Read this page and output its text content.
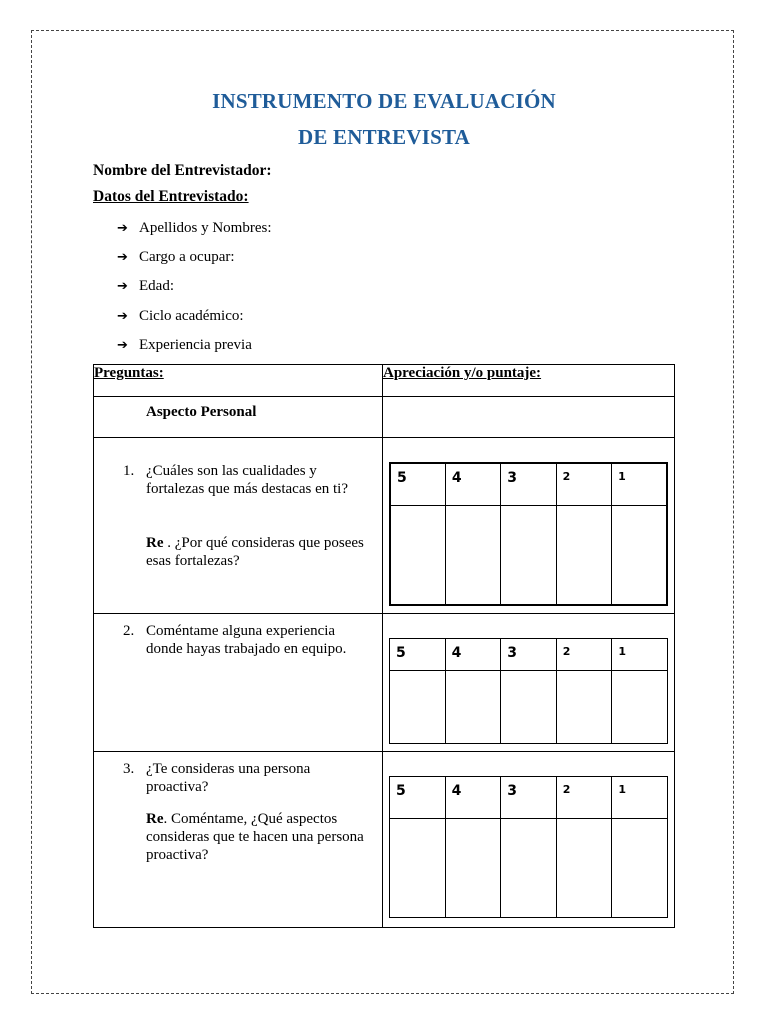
INSTRUMENTO DE EVALUACIÓN
DE ENTREVISTA
Nombre del Entrevistador:
Datos del Entrevistado:
➔ Apellidos y Nombres:
➔ Cargo a ocupar:
➔ Edad:
➔ Ciclo académico:
➔ Experiencia previa
Preguntas:	Apreciación y/o puntaje:

Aspecto Personal

1. ¿Cuáles son las cualidades y fortalezas que más destacas en ti?
Re . ¿Por qué consideras que posees esas fortalezas?

5	4	3	2	1

2. Coméntame alguna experiencia donde hayas trabajado en equipo.
		5	4	3	2	1

3. ¿Te consideras una persona proactiva?
Re. Coméntame, ¿Qué aspectos consideras que te hacen una persona proactiva?

5	4	3	2	1
